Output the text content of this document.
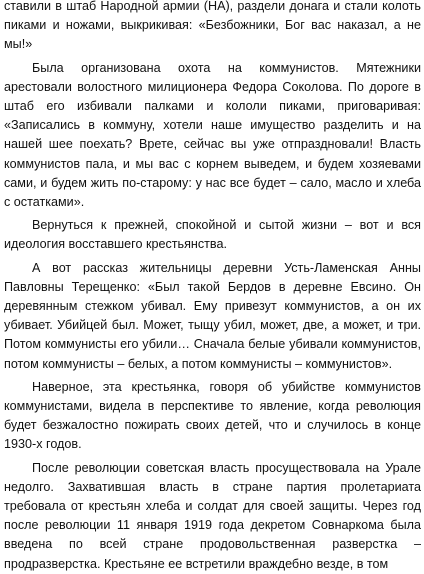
ставили в штаб Народной армии (НА), раздели донага и стали колоть пиками и ножами, выкрикивая: «Безбожники, Бог вас наказал, а не мы!»

Была организована охота на коммунистов. Мятежники арестовали волостного милиционера Федора Соколова. По дороге в штаб его избивали палками и кололи пиками, приговаривая: «Записались в коммуну, хотели наше имущество разделить и на нашей шее поехать? Врете, сейчас вы уже отпраздновали! Власть коммунистов пала, и мы вас с корнем выведем, и будем хозяевами сами, и будем жить по-старому: у нас все будет – сало, масло и хлеба с остатками».

Вернуться к прежней, спокойной и сытой жизни – вот и вся идеология восставшего крестьянства.

А вот рассказ жительницы деревни Усть-Ламенская Анны Павловны Терещенко: «Был такой Бердов в деревне Евсино. Он деревянным стежком убивал. Ему привезут коммунистов, а он их убивает. Убийцей был. Может, тыщу убил, может, две, а может, и три. Потом коммунисты его убили… Сначала белые убивали коммунистов, потом коммунисты – белых, а потом коммунисты – коммунистов».

Наверное, эта крестьянка, говоря об убийстве коммунистов коммунистами, видела в перспективе то явление, когда революция будет безжалостно пожирать своих детей, что и случилось в конце 1930-х годов.

После революции советская власть просуществовала на Урале недолго. Захватившая власть в стране партия пролетариата требовала от крестьян хлеба и солдат для своей защиты. Через год после революции 11 января 1919 года декретом Совнаркома была введена по всей стране продовольственная разверстка – продразверстка. Крестьяне ее встретили враждебно везде, в том
